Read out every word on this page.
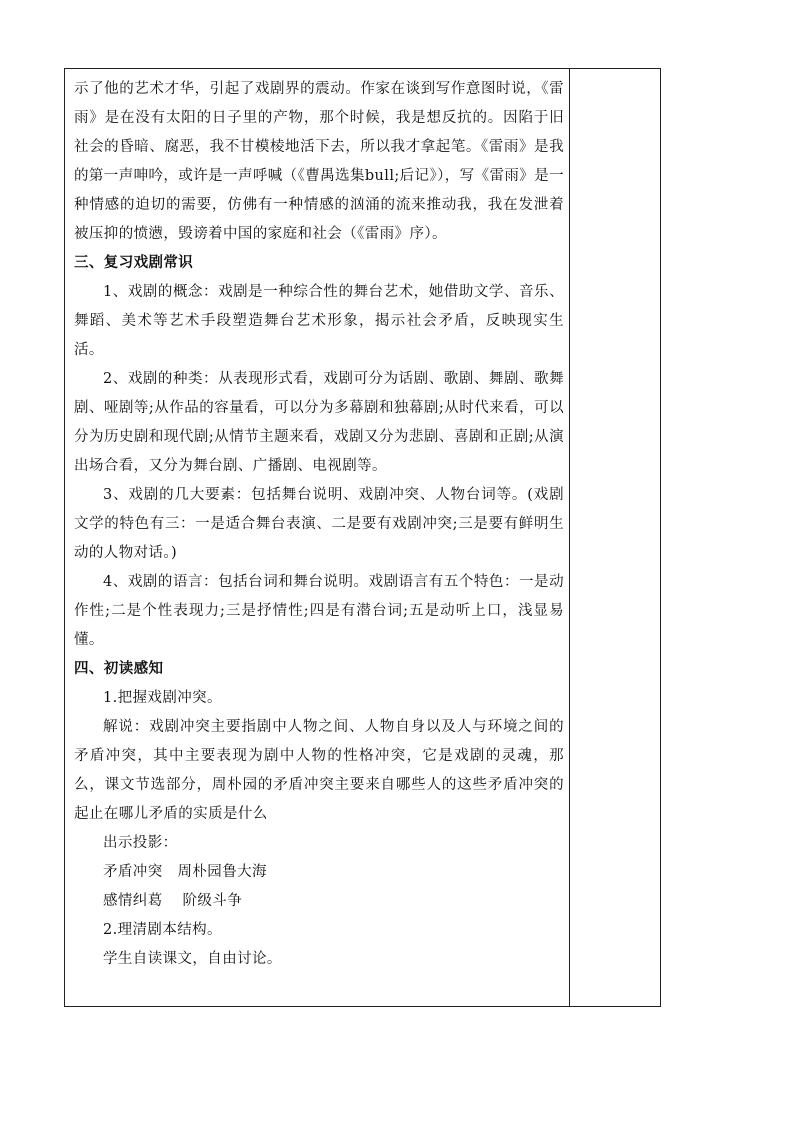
示了他的艺术才华，引起了戏剧界的震动。作家在谈到写作意图时说，《雷雨》是在没有太阳的日子里的产物，那个时候，我是想反抗的。因陷于旧社会的昏暗、腐恶，我不甘模棱地活下去，所以我才拿起笔。《雷雨》是我的第一声呻吟，或许是一声呼喊（《曹禺选集bull;后记》），写《雷雨》是一种情感的迫切的需要，仿佛有一种情感的汹涌的流来推动我，我在发泄着被压抑的愤懑，毁谤着中国的家庭和社会（《雷雨》序）。

三、复习戏剧常识

1、戏剧的概念：戏剧是一种综合性的舞台艺术，她借助文学、音乐、舞蹈、美术等艺术手段塑造舞台艺术形象，揭示社会矛盾，反映现实生活。

2、戏剧的种类：从表现形式看，戏剧可分为话剧、歌剧、舞剧、歌舞剧、哑剧等;从作品的容量看，可以分为多幕剧和独幕剧;从时代来看，可以分为历史剧和现代剧;从情节主题来看，戏剧又分为悲剧、喜剧和正剧;从演出场合看，又分为舞台剧、广播剧、电视剧等。

3、戏剧的几大要素：包括舞台说明、戏剧冲突、人物台词等。(戏剧文学的特色有三：一是适合舞台表演、二是要有戏剧冲突;三是要有鲜明生动的人物对话。)

4、戏剧的语言：包括台词和舞台说明。戏剧语言有五个特色：一是动作性;二是个性表现力;三是抒情性;四是有潜台词;五是动听上口，浅显易懂。

四、初读感知

1.把握戏剧冲突。

解说：戏剧冲突主要指剧中人物之间、人物自身以及人与环境之间的矛盾冲突，其中主要表现为剧中人物的性格冲突，它是戏剧的灵魂，那么，课文节选部分，周朴园的矛盾冲突主要来自哪些人的这些矛盾冲突的起止在哪儿矛盾的实质是什么

出示投影：

矛盾冲突　周朴园鲁大海

感情纠葛　 阶级斗争

2.理清剧本结构。

学生自读课文，自由讨论。
